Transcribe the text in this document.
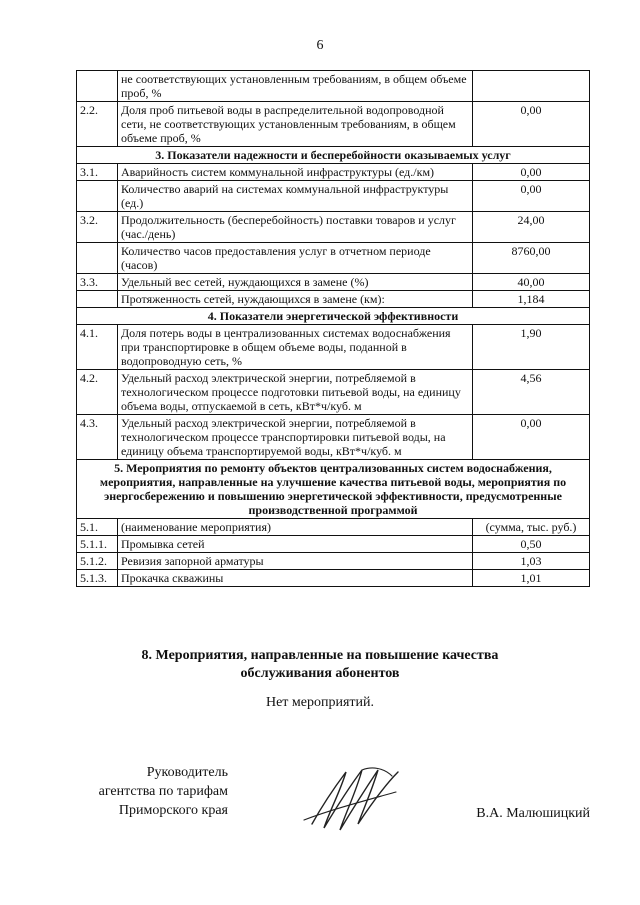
6
	не соответствующих установленным требованиям, в общем объеме проб, %	
2.2.	Доля проб питьевой воды в распределительной водопроводной сети, не соответствующих установленным требованиям, в общем объеме проб, %	0,00
3. Показатели надежности и бесперебойности оказываемых услуг		
3.1.	Аварийность систем коммунальной инфраструктуры (ед./км)	0,00
	Количество аварий на системах коммунальной инфраструктуры (ед.)	0,00
3.2.	Продолжительность (бесперебойность) поставки товаров и услуг (час./день)	24,00
	Количество часов предоставления услуг в отчетном периоде (часов)	8760,00
3.3.	Удельный вес сетей, нуждающихся в замене (%)	40,00
	Протяженность сетей, нуждающихся в замене (км):	1,184
4. Показатели энергетической эффективности		
4.1.	Доля потерь воды в централизованных системах водоснабжения при транспортировке в общем объеме воды, поданной в водопроводную сеть, %	1,90
4.2.	Удельный расход электрической энергии, потребляемой в технологическом процессе подготовки питьевой воды, на единицу объема воды, отпускаемой в сеть, кВт*ч/куб. м	4,56
4.3.	Удельный расход электрической энергии, потребляемой в технологическом процессе транспортировки питьевой воды, на единицу объема транспортируемой воды, кВт*ч/куб. м	0,00
5. Мероприятия по ремонту объектов централизованных систем водоснабжения, мероприятия, направленные на улучшение качества питьевой воды, мероприятия по энергосбережению и повышению энергетической эффективности, предусмотренные производственной программой		
5.1.	(наименование мероприятия)	(сумма, тыс. руб.)
5.1.1.	Промывка сетей	0,50
5.1.2.	Ревизия запорной арматуры	1,03
5.1.3.	Прокачка скважины	1,01
8. Мероприятия, направленные на повышение качества
обслуживания абонентов
Нет мероприятий.
Руководитель
агентства по тарифам
Приморского края	В.А. Малюшицкий
